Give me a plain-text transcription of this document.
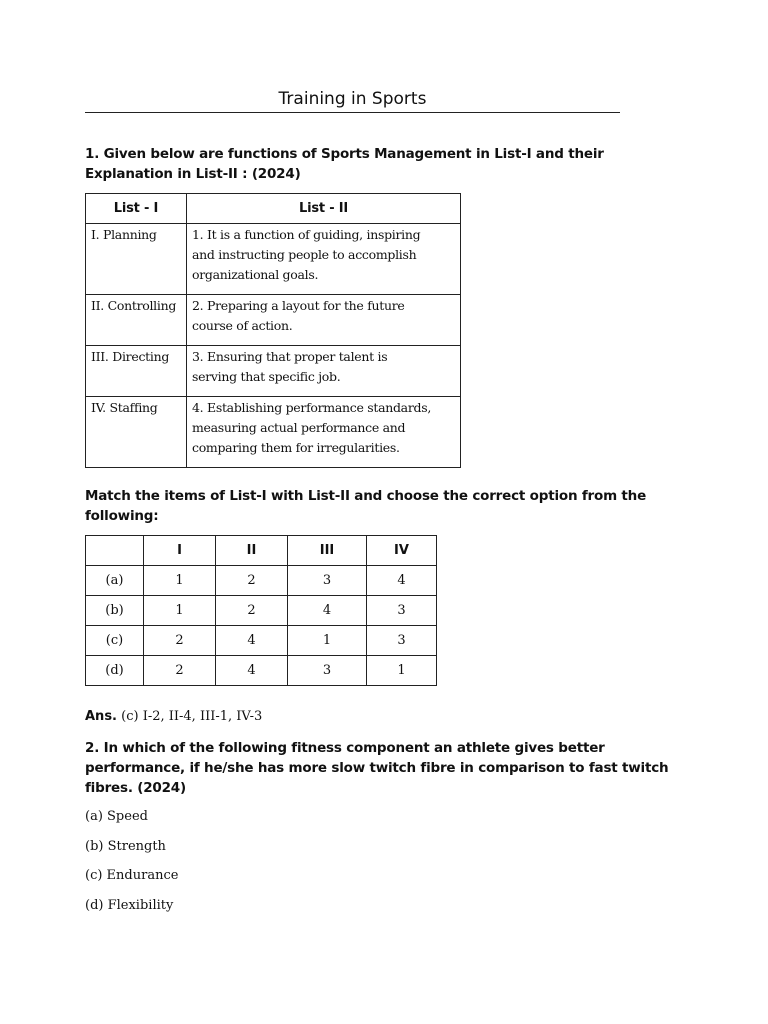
Training in Sports
1. Given below are functions of Sports Management in List-I and their
Explanation in List-II : (2024)
List - I	List - II
I. Planning	1. It is a function of guiding, inspiring
and instructing people to accomplish
organizational goals.

II. Controlling	2. Preparing a layout for the future
course of action.

III. Directing	3. Ensuring that proper talent is
serving that specific job.

IV. Staffing	4. Establishing performance standards,
measuring actual performance and
comparing them for irregularities.
Match the items of List-I with List-II and choose the correct option from the
following:
	I	II	III	IV
(a)	1	2	3	4
(b)	1	2	4	3
(c)	2	4	1	3
(d)	2	4	3	1
Ans. (c) I-2, II-4, III-1, IV-3
2. In which of the following fitness component an athlete gives better
performance, if he/she has more slow twitch fibre in comparison to fast twitch
fibres. (2024)
(a) Speed
(b) Strength
(c) Endurance
(d) Flexibility
